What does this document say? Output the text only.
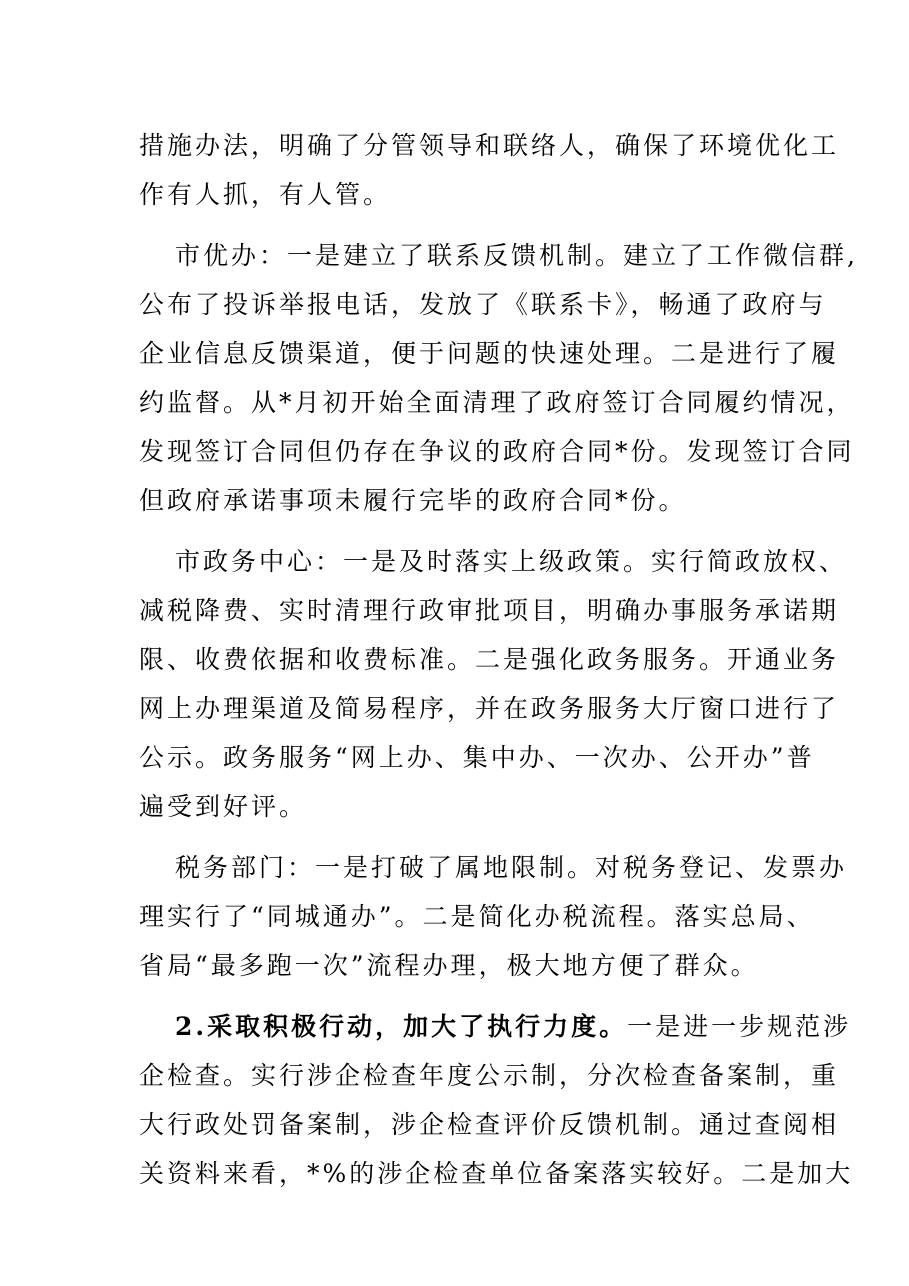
措施办法，明确了分管领导和联络人，确保了环境优化工
作有人抓，有人管。

市优办：一是建立了联系反馈机制。建立了工作微信群,
公布了投诉举报电话，发放了《联系卡》，畅通了政府与
企业信息反馈渠道，便于问题的快速处理。二是进行了履
约监督。从*月初开始全面清理了政府签订合同履约情况，
发现签订合同但仍存在争议的政府合同*份。发现签订合同
但政府承诺事项未履行完毕的政府合同*份。

市政务中心：一是及时落实上级政策。实行简政放权、
减税降费、实时清理行政审批项目，明确办事服务承诺期
限、收费依据和收费标准。二是强化政务服务。开通业务
网上办理渠道及简易程序，并在政务服务大厅窗口进行了
公示。政务服务“网上办、集中办、一次办、公开办”普
遍受到好评。

税务部门：一是打破了属地限制。对税务登记、发票办
理实行了“同城通办”。二是简化办税流程。落实总局、
省局“最多跑一次”流程办理，极大地方便了群众。

2.采取积极行动，加大了执行力度。一是进一步规范涉
企检查。实行涉企检查年度公示制，分次检查备案制，重
大行政处罚备案制，涉企检查评价反馈机制。通过查阅相
关资料来看，*%的涉企检查单位备案落实较好。二是加大
